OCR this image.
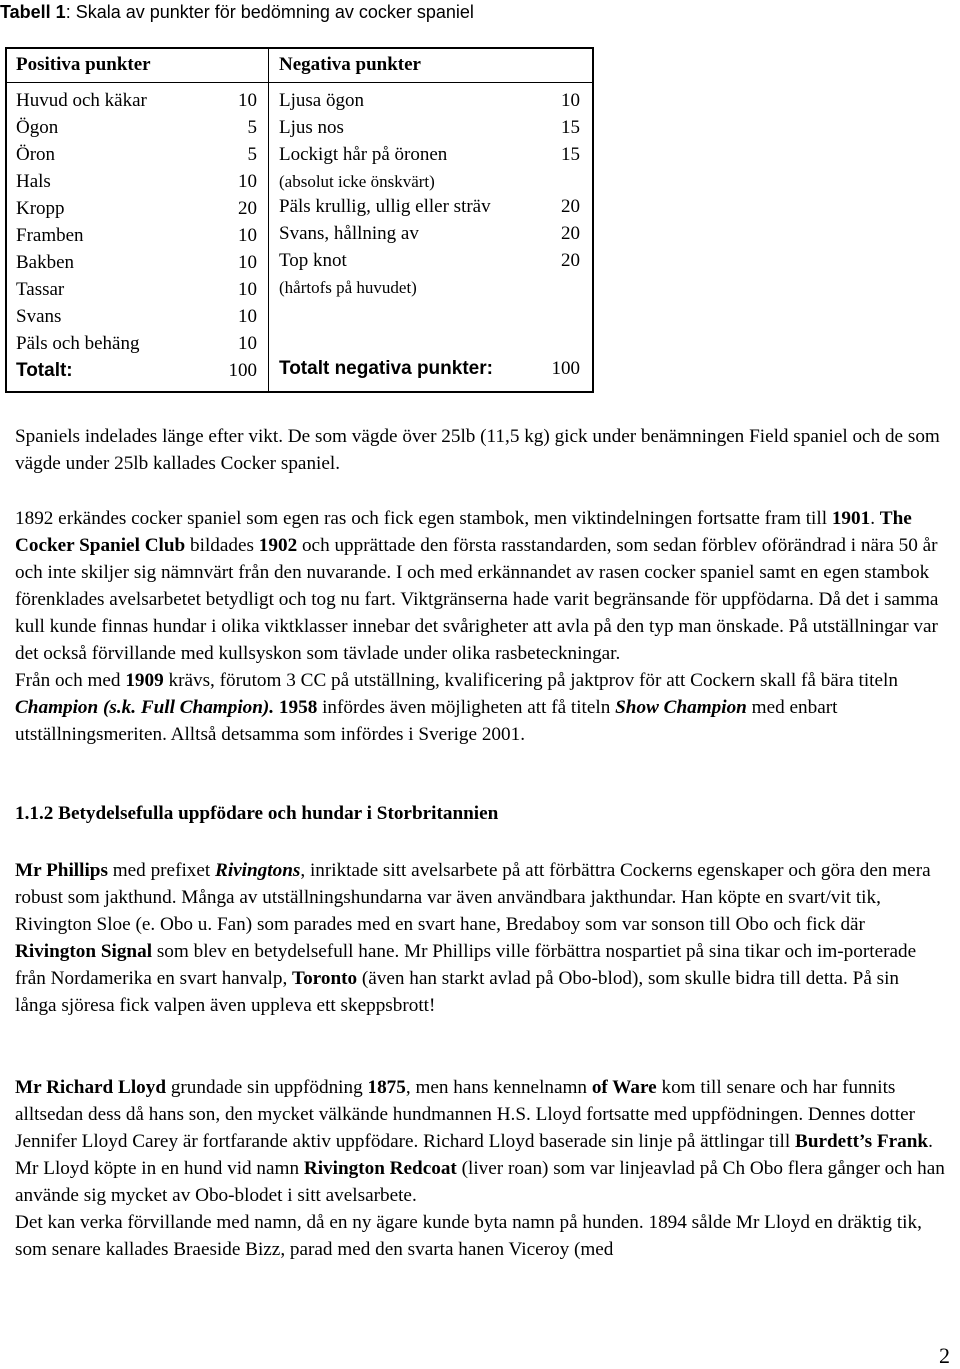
Tabell 1: Skala av punkter för bedömning av cocker spaniel
Positiva punkter	Negativa punkter
Huvud och käkar	10
Ögon	5
Öron	5
Hals	10
Kropp	20
Framben	10
Bakben	10
Tassar	10
Svans	10
Päls och behäng	10
Totalt:	100
Ljusa ögon	10
Ljus nos	15
Lockigt hår på öronen	15
(absolut icke önskvärt)
Päls krullig, ullig eller sträv	20
Svans, hållning av	20
Top knot	20
(hårtofs på huvudet)
Totalt negativa punkter:	100
Spaniels indelades länge efter vikt. De som vägde över 25lb (11,5 kg) gick under benämningen Field spaniel och de som vägde under 25lb kallades Cocker spaniel.
1892 erkändes cocker spaniel som egen ras och fick egen stambok, men viktindelningen fortsatte fram till 1901. The Cocker Spaniel Club bildades 1902 och upprättade den första rasstandarden, som sedan förblev oförändrad i nära 50 år och inte skiljer sig nämnvärt från den nuvarande. I och med erkännandet av rasen cocker spaniel samt en egen stambok förenklades avelsarbetet betydligt och tog nu fart. Viktgränserna hade varit begränsande för uppfödarna. Då det i samma kull kunde finnas hundar i olika viktklasser innebar det svårigheter att avla på den typ man önskade. På utställningar var det också förvillande med kullsyskon som tävlade under olika rasbeteckningar.
Från och med 1909 krävs, förutom 3 CC på utställning, kvalificering på jaktprov för att Cockern skall få bära titeln Champion (s.k. Full Champion). 1958 infördes även möjligheten att få titeln Show Champion med enbart utställningsmeriten. Alltså detsamma som infördes i Sverige 2001.
1.1.2 Betydelsefulla uppfödare och hundar i Storbritannien
Mr Phillips med prefixet Rivingtons, inriktade sitt avelsarbete på att förbättra Cockerns egenskaper och göra den mera robust som jakthund. Många av utställningshundarna var även användbara jakthundar. Han köpte en svart/vit tik, Rivington Sloe (e. Obo u. Fan) som parades med en svart hane, Bredaboy som var sonson till Obo och fick där Rivington Signal som blev en betydelsefull hane. Mr Phillips ville förbättra nospartiet på sina tikar och im-porterade från Nordamerika en svart hanvalp, Toronto (även han starkt avlad på Obo-blod), som skulle bidra till detta. På sin långa sjöresa fick valpen även uppleva ett skeppsbrott!
Mr Richard Lloyd grundade sin uppfödning 1875, men hans kennelnamn of Ware kom till senare och har funnits alltsedan dess då hans son, den mycket välkände hundmannen H.S. Lloyd fortsatte med uppfödningen. Dennes dotter Jennifer Lloyd Carey är fortfarande aktiv uppfödare. Richard Lloyd baserade sin linje på ättlingar till Burdett’s Frank. Mr Lloyd köpte in en hund vid namn Rivington Redcoat (liver roan) som var linjeavlad på Ch Obo flera gånger och han använde sig mycket av Obo-blodet i sitt avelsarbete.
Det kan verka förvillande med namn, då en ny ägare kunde byta namn på hunden. 1894 sålde Mr Lloyd en dräktig tik, som senare kallades Braeside Bizz, parad med den svarta hanen Viceroy (med
2
